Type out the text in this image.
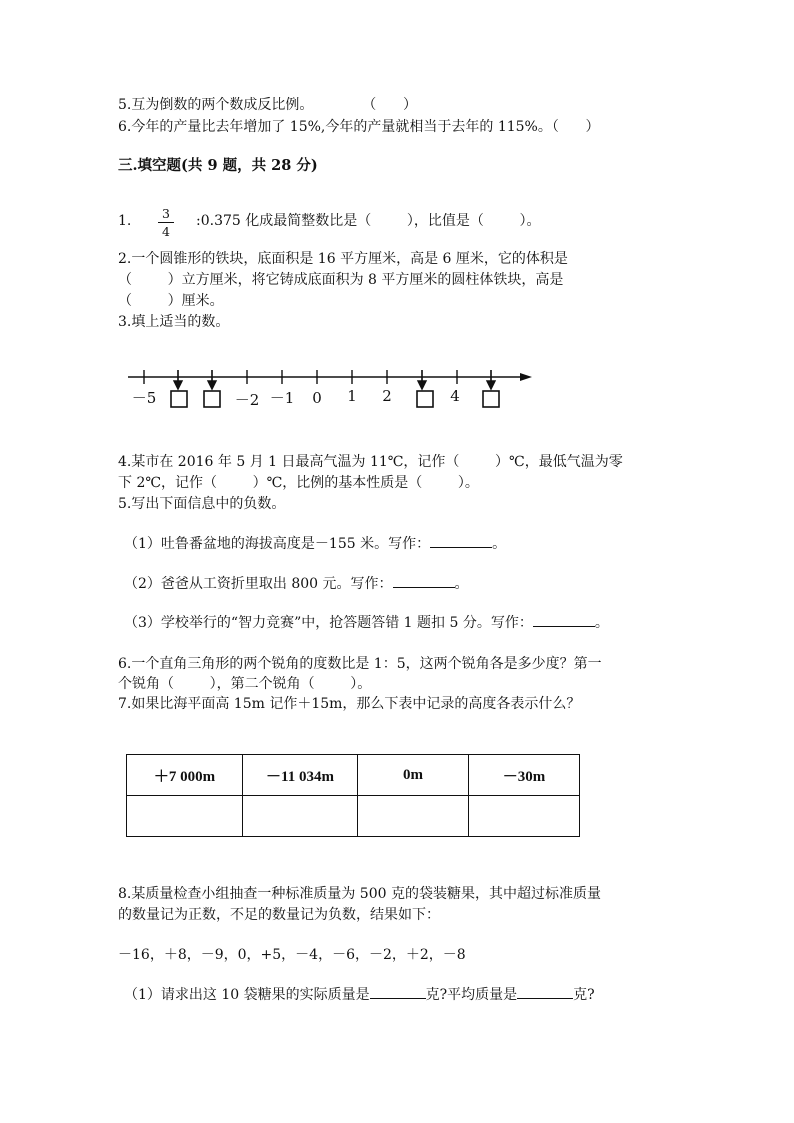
5.互为倒数的两个数成反比例。           （      ）
6.今年的产量比去年增加了 15%,今年的产量就相当于去年的 115%。（      ）
三.填空题(共 9 题，共 28 分)
1. $\frac{3}{4}$ :0.375 化成最简整数比是（        ），比值是（        ）。
2.一个圆锥形的铁块，底面积是 16 平方厘米，高是 6 厘米，它的体积是
（        ）立方厘米，将它铸成底面积为 8 平方厘米的圆柱体铁块，高是
（        ）厘米。
3.填上适当的数。
－5	－2 －1 0 1 2	4
4.某市在 2016 年 5 月 1 日最高气温为 11℃，记作（        ）℃，最低气温为零
下 2℃，记作（        ）℃，比例的基本性质是（        ）。
5.写出下面信息中的负数。
（1）吐鲁番盆地的海拔高度是－155 米。写作：	。
（2）爸爸从工资折里取出 800 元。写作：	。
（3）学校举行的“智力竞赛”中，抢答题答错 1 题扣 5 分。写作：	。
6.一个直角三角形的两个锐角的度数比是 1：5，这两个锐角各是多少度？第一
个锐角（        ），第二个锐角（        ）。
7.如果比海平面高 15m 记作＋15m，那么下表中记录的高度各表示什么？
＋7 000m	－11 034m	0m	－30m

8.某质量检查小组抽查一种标准质量为 500 克的袋装糖果，其中超过标准质量
的数量记为正数，不足的数量记为负数，结果如下：
－16，＋8，－9，0，+5，－4，－6，－2，＋2，－8
（1）请求出这 10 袋糖果的实际质量是	克?平均质量是	克?
